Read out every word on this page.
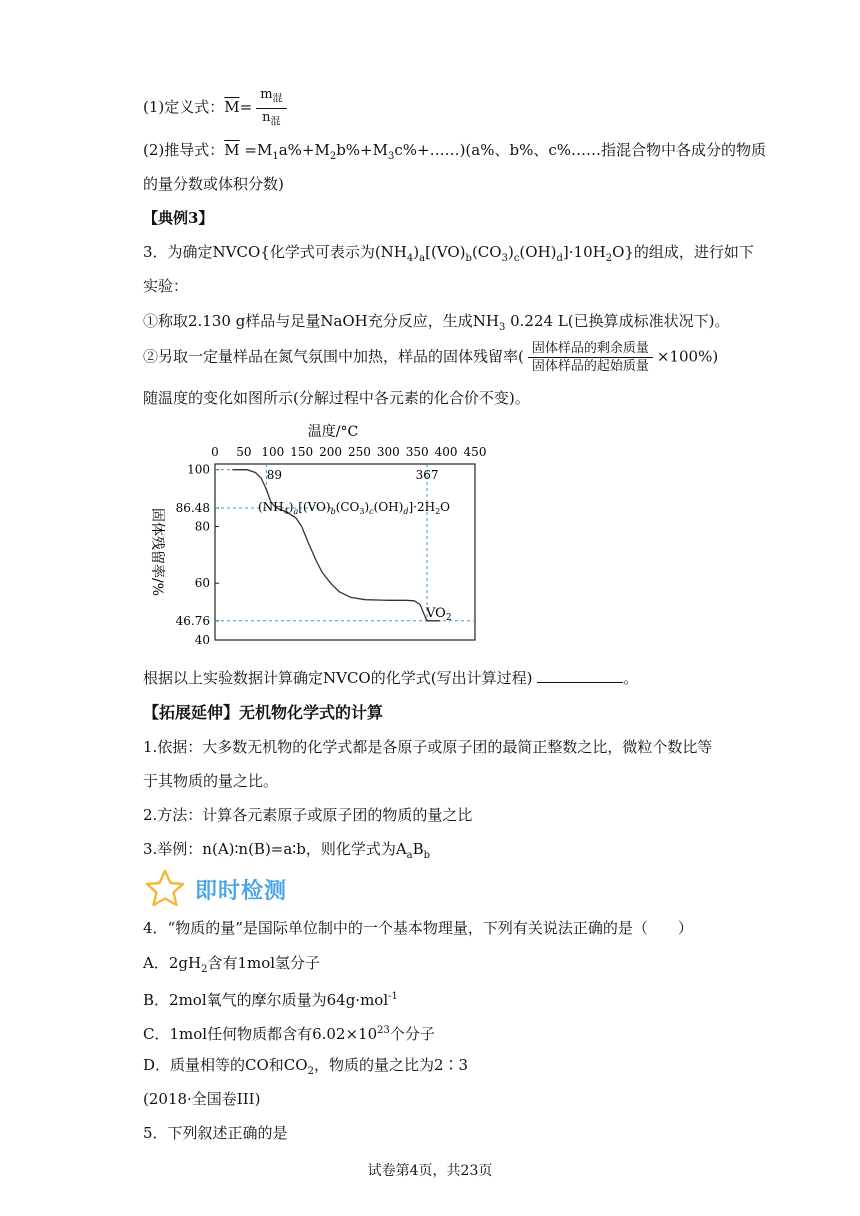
(1)定义式：$\overline{M}= \frac{m_混}{n_混}$
(2)推导式：$\overline{M}$ $=M_1a\%+M_2b\%+M_3c\%+\dots\dots)(a\%$、b%、c%……指混合物中各成分的物质
的量分数或体积分数)
【典例3】
3．为确定NVCO{化学式可表示为$(NH_4)_a[(VO)_b(CO_3)_c(OH)_d]\cdot 10H_2O$}的组成，进行如下
实验：
①称取2.130 g样品与足量NaOH充分反应，生成$NH_3$ 0.224 L(已换算成标准状况下)。
②另取一定量样品在氮气氛围中加热，样品的固体残留率( $\frac{\text{固体样品的剩余质量}}{\text{固体样品的起始质量}} \times 100\%$)
随温度的变化如图所示(分解过程中各元素的化合价不变)。
温度/°C
0 50 100 150 200 250 300 350 400 450
100
86.48
80
60
46.76
40
89	367
$(NH_4)_a[(VO)_b(CO_3)_c(OH)_d]\cdot 2H_2O$
$VO_2$
固体残留率/%
根据以上实验数据计算确定NVCO的化学式(写出计算过程)	。
【拓展延伸】无机物化学式的计算
1.依据：大多数无机物的化学式都是各原子或原子团的最简正整数之比，微粒个数比等
于其物质的量之比。
2.方法：计算各元素原子或原子团的物质的量之比
3.举例：n(A)∶n(B)=a∶b，则化学式为$A_aB_b$
即时检测
4．“物质的量”是国际单位制中的一个基本物理量，下列有关说法正确的是（　　）
A．$2gH_2$含有1mol氢分子
B．2mol氧气的摩尔质量为64g·mol$^{-1}$
C．1mol任何物质都含有$6.02\times 10^{23}$个分子
D．质量相等的CO和$CO_2$，物质的量之比为2∶3
(2018·全国卷III)
5．下列叙述正确的是
试卷第4页，共23页
